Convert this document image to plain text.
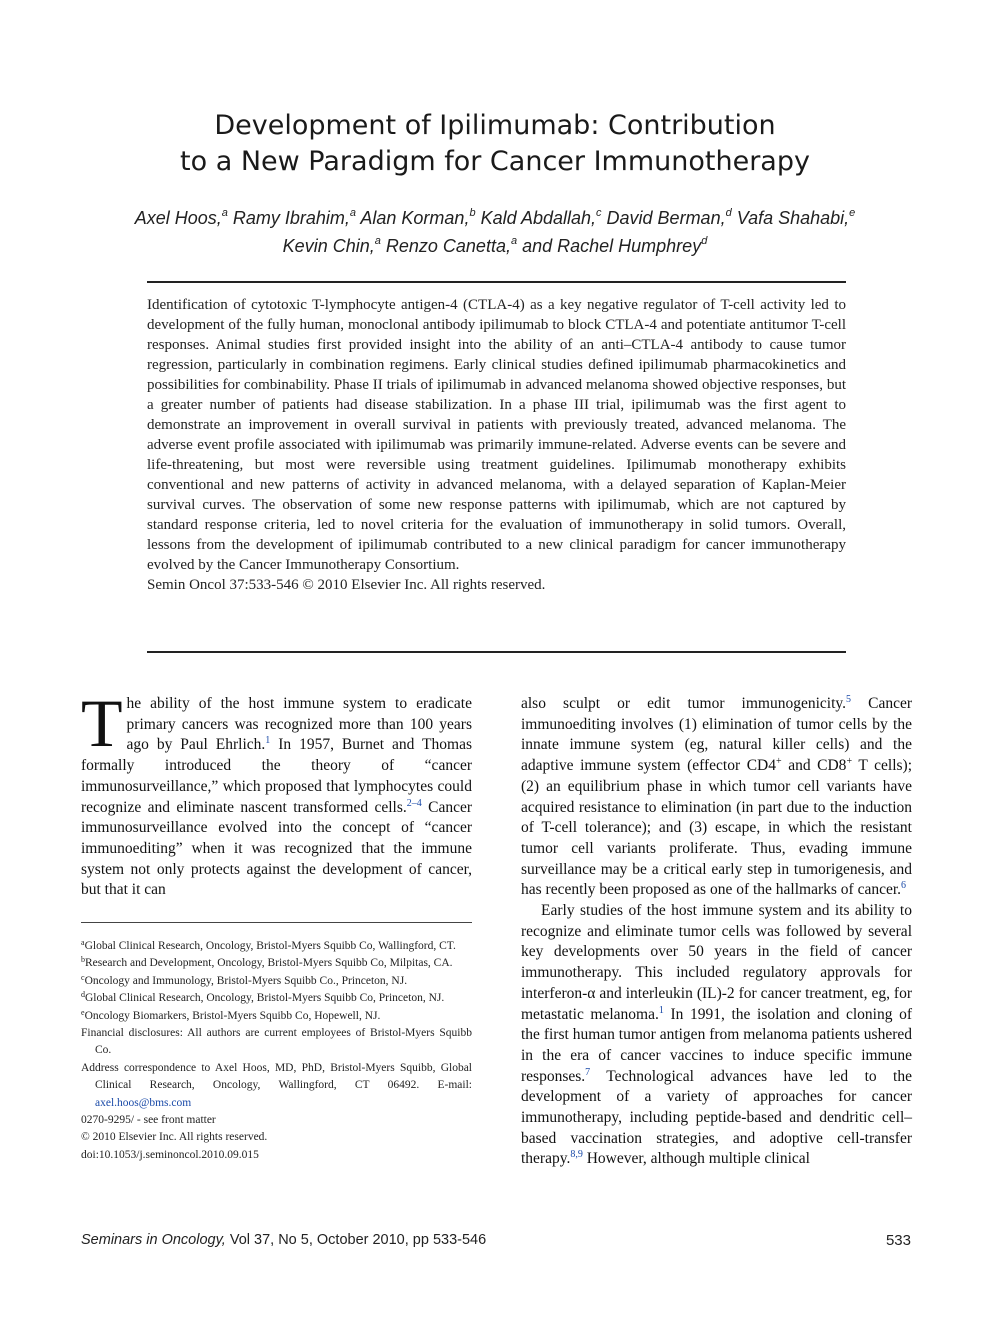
Development of Ipilimumab: Contribution
to a New Paradigm for Cancer Immunotherapy
Axel Hoos,$^a$ Ramy Ibrahim,$^a$ Alan Korman,$^b$ Kald Abdallah,$^c$ David Berman,$^d$ Vafa Shahabi,$^e$
Kevin Chin,$^a$ Renzo Canetta,$^a$ and Rachel Humphrey$^d$

Identification of cytotoxic T-lymphocyte antigen-4 (CTLA-4) as a key negative regulator of T-cell activity led to development of the fully human, monoclonal antibody ipilimumab to block CTLA-4 and potentiate antitumor T-cell responses. Animal studies first provided insight into the ability of an anti–CTLA-4 antibody to cause tumor regression, particularly in combination regimens. Early clinical studies defined ipilimumab pharmacokinetics and possibilities for combinability. Phase II trials of ipilimumab in advanced melanoma showed objective responses, but a greater number of patients had disease stabilization. In a phase III trial, ipilimumab was the first agent to demonstrate an improvement in overall survival in patients with previously treated, advanced melanoma. The adverse event profile associated with ipilimumab was primarily immune-related. Adverse events can be severe and life-threatening, but most were reversible using treatment guidelines. Ipilimumab monotherapy exhibits conventional and new patterns of activity in advanced melanoma, with a delayed separation of Kaplan-Meier survival curves. The observation of some new response patterns with ipilimumab, which are not captured by standard response criteria, led to novel criteria for the evaluation of immunotherapy in solid tumors. Overall, lessons from the development of ipilimumab contributed to a new clinical paradigm for cancer immunotherapy evolved by the Cancer Immunotherapy Consortium.

Semin Oncol 37:533-546 © 2010 Elsevier Inc. All rights reserved.

The ability of the host immune system to eradicate primary cancers was recognized more than 100 years ago by Paul Ehrlich.$^1$ In 1957, Burnet and Thomas formally introduced the theory of “cancer immunosurveillance,” which proposed that lymphocytes could recognize and eliminate nascent transformed cells.$^{2-4}$ Cancer immunosurveillance evolved into the concept of “cancer immunoediting” when it was recognized that the immune system not only protects against the development of cancer, but that it can

$^a$Global Clinical Research, Oncology, Bristol-Myers Squibb Co, Wallingford, CT.
$^b$Research and Development, Oncology, Bristol-Myers Squibb Co, Milpitas, CA.
$^c$Oncology and Immunology, Bristol-Myers Squibb Co., Princeton, NJ.
$^d$Global Clinical Research, Oncology, Bristol-Myers Squibb Co, Princeton, NJ.
$^e$Oncology Biomarkers, Bristol-Myers Squibb Co, Hopewell, NJ.
Financial disclosures: All authors are current employees of Bristol-Myers Squibb Co.
Address correspondence to Axel Hoos, MD, PhD, Bristol-Myers Squibb, Global Clinical Research, Oncology, Wallingford, CT 06492. E-mail: axel.hoos@bms.com
0270-9295/ - see front matter
© 2010 Elsevier Inc. All rights reserved.
doi:10.1053/j.seminoncol.2010.09.015

also sculpt or edit tumor immunogenicity.$^5$ Cancer immunoediting involves (1) elimination of tumor cells by the innate immune system (eg, natural killer cells) and the adaptive immune system (effector CD4+ and CD8+ T cells); (2) an equilibrium phase in which tumor cell variants have acquired resistance to elimination (in part due to the induction of T-cell tolerance); and (3) escape, in which the resistant tumor cell variants proliferate. Thus, evading immune surveillance may be a critical early step in tumorigenesis, and has recently been proposed as one of the hallmarks of cancer.$^6$

Early studies of the host immune system and its ability to recognize and eliminate tumor cells was followed by several key developments over 50 years in the field of cancer immunotherapy. This included regulatory approvals for interferon-α and interleukin (IL)-2 for cancer treatment, eg, for metastatic melanoma.$^1$ In 1991, the isolation and cloning of the first human tumor antigen from melanoma patients ushered in the era of cancer vaccines to induce specific immune responses.$^7$ Technological advances have led to the development of a variety of approaches for cancer immunotherapy, including peptide-based and dendritic cell–based vaccination strategies, and adoptive cell-transfer therapy.$^{8,9}$ However, although multiple clinical

Seminars in Oncology, Vol 37, No 5, October 2010, pp 533-546	533
